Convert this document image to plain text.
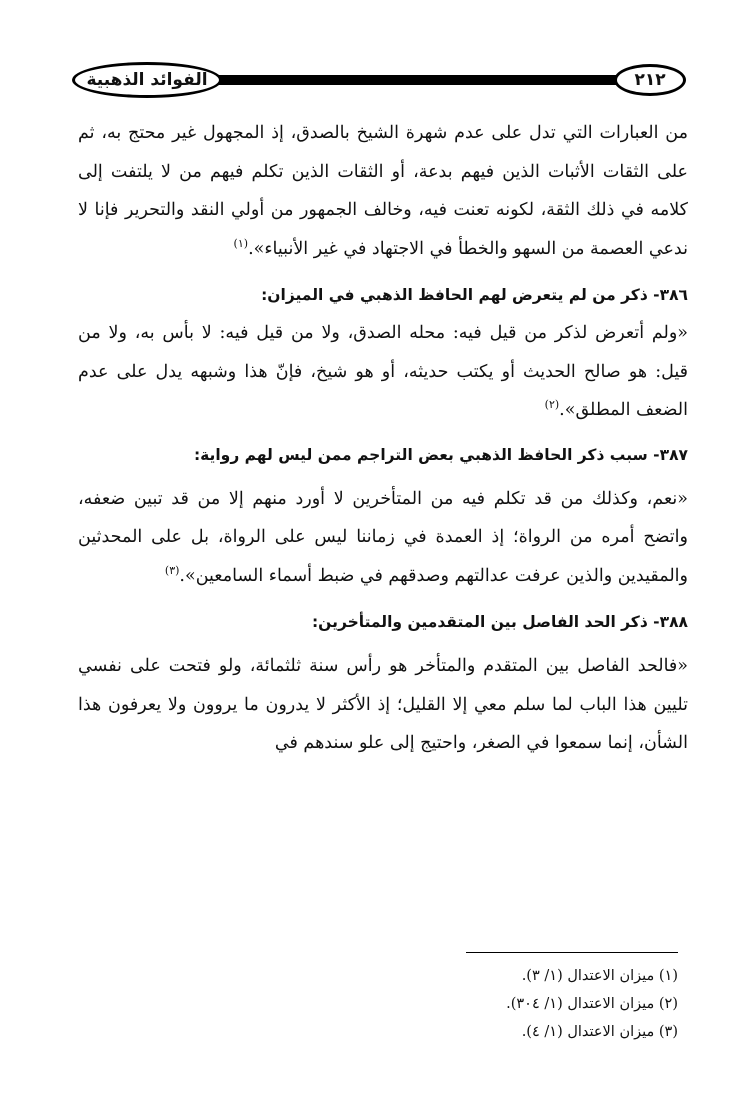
الفوائد الذهبية	٢١٢

من العبارات التي تدل على عدم شهرة الشيخ بالصدق، إذ المجهول غير محتج به، ثم على الثقات الأثبات الذين فيهم بدعة، أو الثقات الذين تكلم فيهم من لا يلتفت إلى كلامه في ذلك الثقة، لكونه تعنت فيه، وخالف الجمهور من أولي النقد والتحرير فإنا لا ندعي العصمة من السهو والخطأ في الاجتهاد في غير الأنبياء».$^{(١)}$

٣٨٦- ذكر من لم يتعرض لهم الحافظ الذهبي في الميزان:

«ولم أتعرض لذكر من قيل فيه: محله الصدق، ولا من قيل فيه: لا بأس به، ولا من قيل: هو صالح الحديث أو يكتب حديثه، أو هو شيخ، فإنّ هذا وشبهه يدل على عدم الضعف المطلق».$^{(٢)}$

٣٨٧- سبب ذكر الحافظ الذهبي بعض التراجم ممن ليس لهم رواية:

«نعم، وكذلك من قد تكلم فيه من المتأخرين لا أورد منهم إلا من قد تبين ضعفه، واتضح أمره من الرواة؛ إذ العمدة في زماننا ليس على الرواة، بل على المحدثين والمقيدين والذين عرفت عدالتهم وصدقهم في ضبط أسماء السامعين».$^{(٣)}$

٣٨٨- ذكر الحد الفاصل بين المتقدمين والمتأخرين:

«فالحد الفاصل بين المتقدم والمتأخر هو رأس سنة ثلثمائة، ولو فتحت على نفسي تليين هذا الباب لما سلم معي إلا القليل؛ إذ الأكثر لا يدرون ما يروون ولا يعرفون هذا الشأن، إنما سمعوا في الصغر، واحتيج إلى علو سندهم في

(١) ميزان الاعتدال (١/ ٣).
(٢) ميزان الاعتدال (١/ ٣٠٤).
(٣) ميزان الاعتدال (١/ ٤).
